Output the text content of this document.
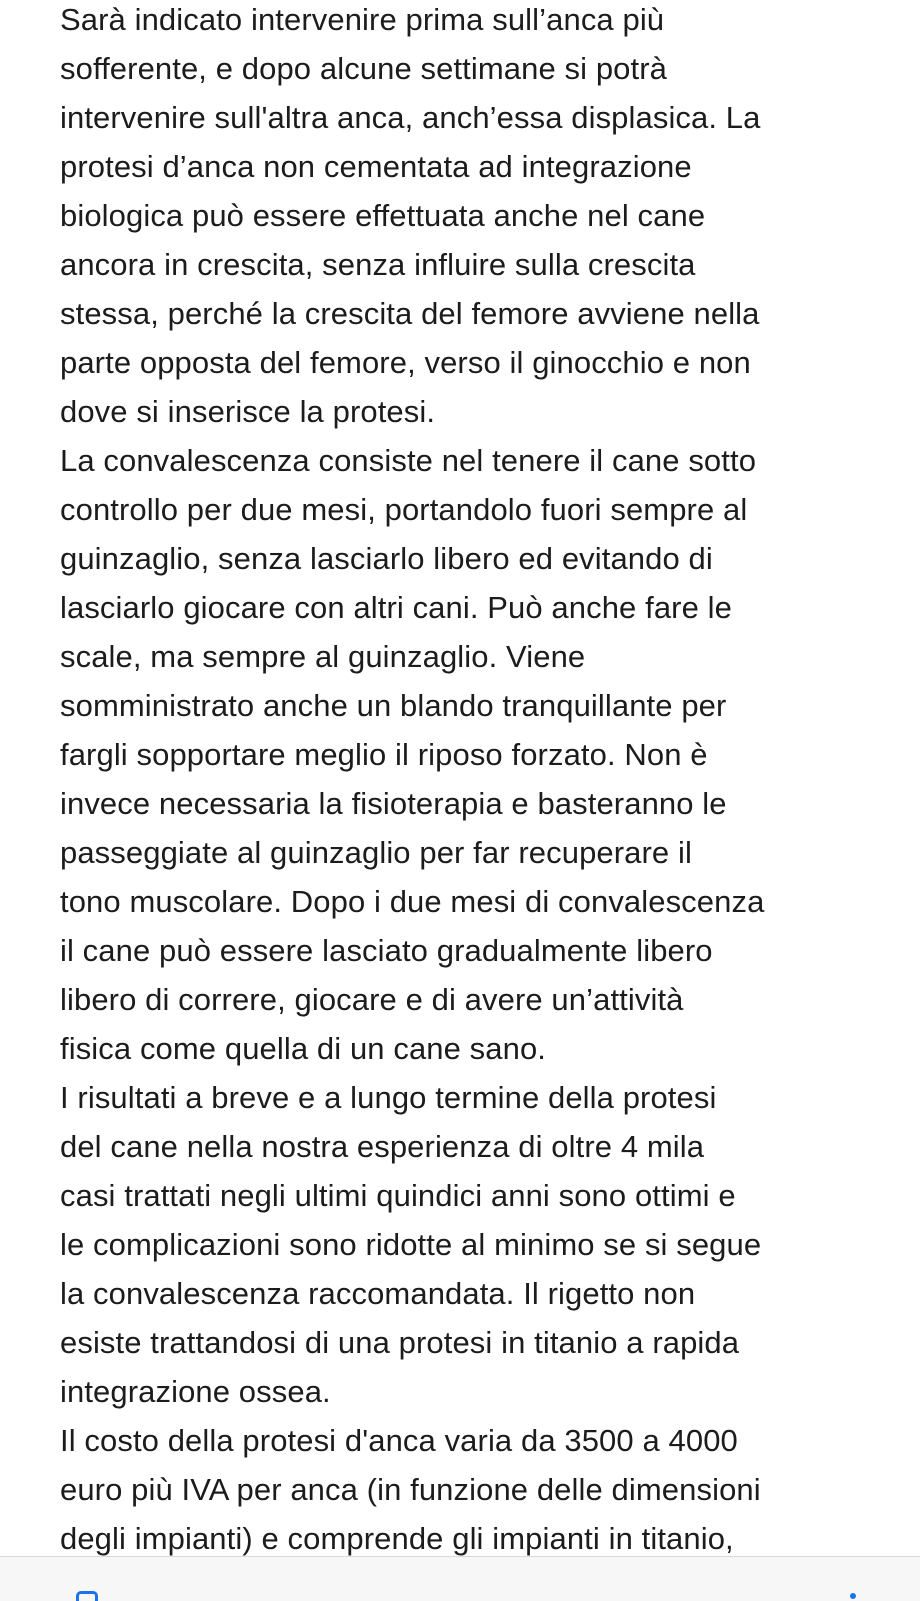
Sarà indicato intervenire prima sull’anca più
sofferente, e dopo alcune settimane si potrà
intervenire sull'altra anca, anch’essa displasica. La
protesi d’anca non cementata ad integrazione
biologica può essere effettuata anche nel cane
ancora in crescita, senza influire sulla crescita
stessa, perché la crescita del femore avviene nella
parte opposta del femore, verso il ginocchio e non
dove si inserisce la protesi.
La convalescenza consiste nel tenere il cane sotto
controllo per due mesi, portandolo fuori sempre al
guinzaglio, senza lasciarlo libero ed evitando di
lasciarlo giocare con altri cani. Può anche fare le
scale, ma sempre al guinzaglio. Viene
somministrato anche un blando tranquillante per
fargli sopportare meglio il riposo forzato. Non è
invece necessaria la fisioterapia e basteranno le
passeggiate al guinzaglio per far recuperare il
tono muscolare. Dopo i due mesi di convalescenza
il cane può essere lasciato gradualmente libero
libero di correre, giocare e di avere un’attività
fisica come quella di un cane sano.
I risultati a breve e a lungo termine della protesi
del cane nella nostra esperienza di oltre 4 mila
casi trattati negli ultimi quindici anni sono ottimi e
le complicazioni sono ridotte al minimo se si segue
la convalescenza raccomandata. Il rigetto non
esiste trattandosi di una protesi in titanio a rapida
integrazione ossea.
Il costo della protesi d'anca varia da 3500 a 4000
euro più IVA per anca (in funzione delle dimensioni
degli impianti) e comprende gli impianti in titanio,
